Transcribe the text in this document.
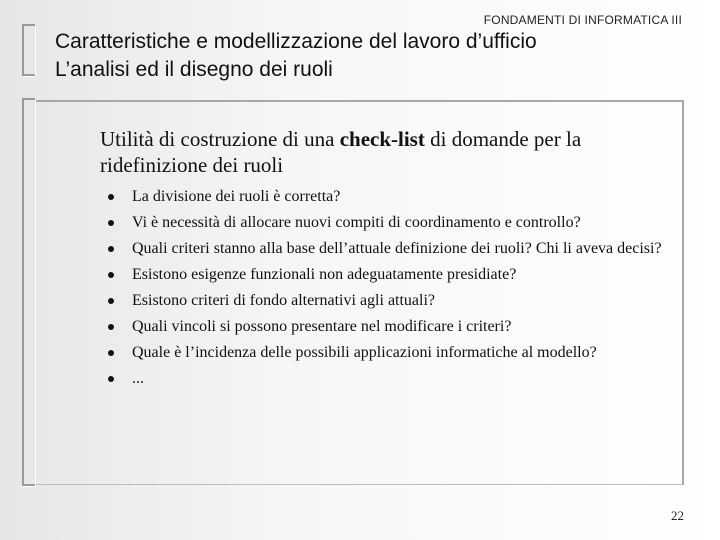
FONDAMENTI DI INFORMATICA III
Caratteristiche e modellizzazione del lavoro d’ufficio
L’analisi ed il disegno dei ruoli
Utilità di costruzione di una check-list di domande per la ridefinizione dei ruoli
La divisione dei ruoli è corretta?
Vi è necessità di allocare nuovi compiti di coordinamento e controllo?
Quali criteri stanno alla base dell’attuale definizione dei ruoli? Chi li aveva decisi?
Esistono esigenze funzionali non adeguatamente presidiate?
Esistono criteri di fondo alternativi agli attuali?
Quali vincoli si possono presentare nel modificare i criteri?
Quale è l’incidenza delle possibili applicazioni informatiche al modello?
...
22
